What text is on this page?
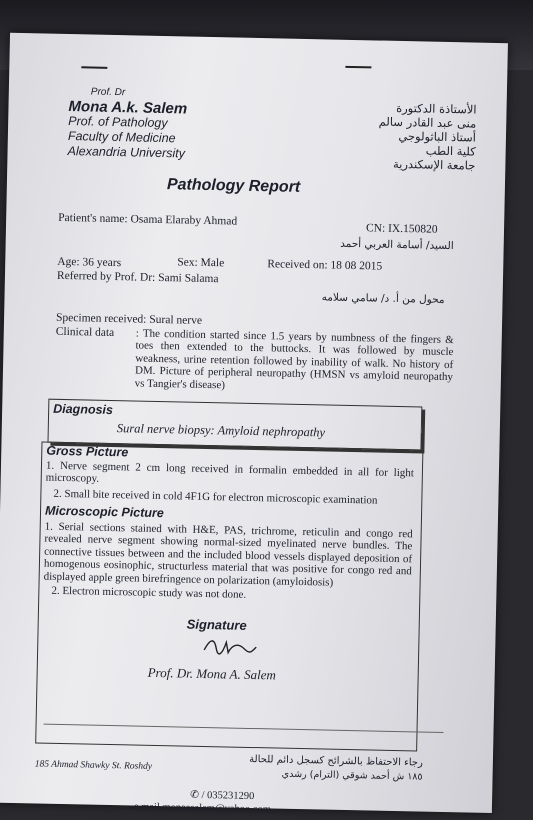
Prof. Dr
Mona A.k. Salem
Prof. of Pathology
Faculty of Medicine
Alexandria University
الأستاذة الدكتورة
منى عبد القادر سالم
أستاذ الباثولوجي
كلية الطب
جامعة الإسكندرية
Pathology Report
Patient's name: Osama Elaraby Ahmad
CN: IX.150820
السيد/ أسامة العربي أحمد
Age: 36 years	Sex: Male	Received on: 18 08 2015
Referred by Prof. Dr: Sami Salama
محول من أ. د/ سامي سلامه
Specimen received: Sural nerve
Clinical data : The condition started since 1.5 years by numbness of the fingers & toes then extended to the buttocks. It was followed by muscle weakness, urine retention followed by inability of walk. No history of DM. Picture of peripheral neuropathy (HMSN vs amyloid neuropathy vs Tangier's disease)
Diagnosis
Sural nerve biopsy: Amyloid nephropathy
Gross Picture
1. Nerve segment 2 cm long received in formalin embedded in all for light microscopy.
2. Small bite received in cold 4F1G for electron microscopic examination
Microscopic Picture
1. Serial sections stained with H&E, PAS, trichrome, reticulin and congo red revealed nerve segment showing normal-sized myelinated nerve bundles. The connective tissues between and the included blood vessels displayed deposition of homogenous eosinophic, structurless material that was positive for congo red and displayed apple green birefringence on polarization (amyloidosis)
2. Electron microscopic study was not done.
Signature
Prof. Dr. Mona A. Salem
رجاء الاحتفاظ بالشرائح كسجل دائم للحالة
185 Ahmad Shawky St. Roshdy
١٨٥ ش أحمد شوقي (الترام) رشدي
✆ / 035231290
e.mail.monaasalem@yahoo.com
